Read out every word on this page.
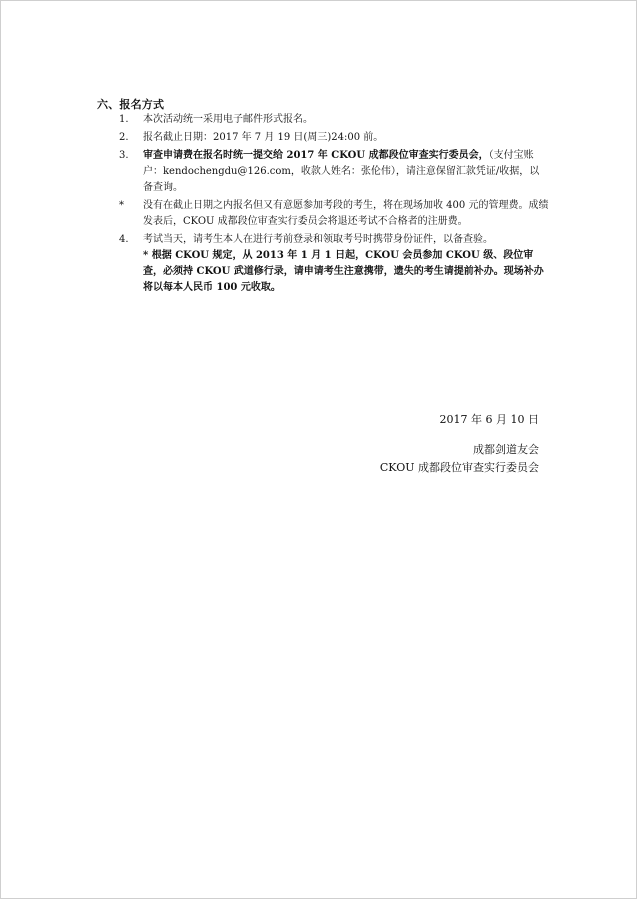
六、报名方式
1.	本次活动统一采用电子邮件形式报名。
2.	报名截止日期：2017 年 7 月 19 日(周三)24:00 前。
3.	审查申请费在报名时统一提交给 2017 年 CKOU 成都段位审查实行委员会，（支付宝账户：kendochengdu@126.com，收款人姓名：张伦伟），请注意保留汇款凭证/收据，以备查询。
*	没有在截止日期之内报名但又有意愿参加考段的考生，将在现场加收 400 元的管理费。成绩发表后，CKOU 成都段位审查实行委员会将退还考试不合格者的注册费。
4.	考试当天，请考生本人在进行考前登录和领取考号时携带身份证件，以备查验。
* 根据 CKOU 规定，从 2013 年 1 月 1 日起，CKOU 会员参加 CKOU 级、段位审查，必须持 CKOU 武道修行录，请申请考生注意携带，遗失的考生请提前补办。现场补办将以每本人民币 100 元收取。
2017 年 6 月 10 日
成都剑道友会
CKOU 成都段位审查实行委员会
